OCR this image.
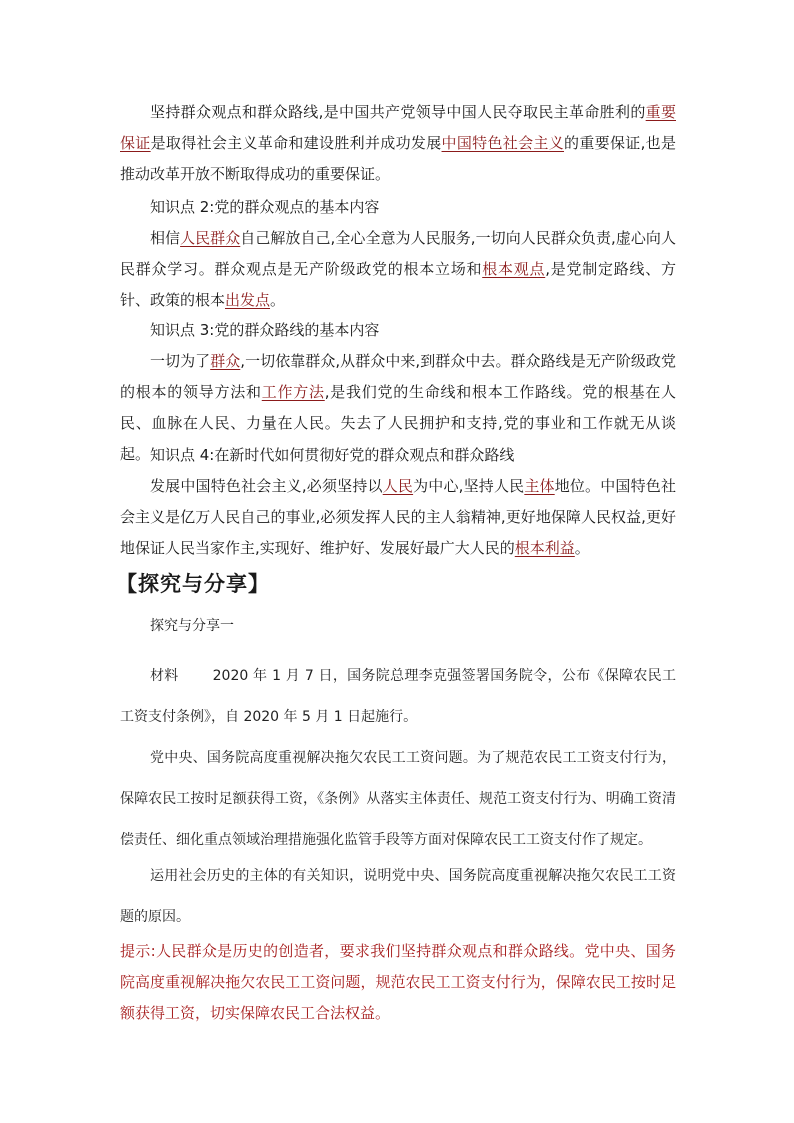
坚持群众观点和群众路线,是中国共产党领导中国人民夺取民主革命胜利的重要保证是取得社会主义革命和建设胜利并成功发展中国特色社会主义的重要保证,也是推动改革开放不断取得成功的重要保证。

知识点 2:党的群众观点的基本内容

相信人民群众自己解放自己,全心全意为人民服务,一切向人民群众负责,虚心向人民群众学习。群众观点是无产阶级政党的根本立场和根本观点,是党制定路线、方针、政策的根本出发点。

知识点 3:党的群众路线的基本内容

一切为了群众,一切依靠群众,从群众中来,到群众中去。群众路线是无产阶级政党的根本的领导方法和工作方法,是我们党的生命线和根本工作路线。党的根基在人民、血脉在人民、力量在人民。失去了人民拥护和支持,党的事业和工作就无从谈起。 知识点 4:在新时代如何贯彻好党的群众观点和群众路线

发展中国特色社会主义,必须坚持以人民为中心,坚持人民主体地位。中国特色社会主义是亿万人民自己的事业,必须发挥人民的主人翁精神,更好地保障人民权益,更好地保证人民当家作主,实现好、维护好、发展好最广大人民的根本利益。

【探究与分享】

探究与分享一

材料 2020 年 1 月 7 日，国务院总理李克强签署国务院令，公布《保障农民工工资支付条例》，自 2020 年 5 月 1 日起施行。

党中央、国务院高度重视解决拖欠农民工工资问题。为了规范农民工工资支付行为，保障农民工按时足额获得工资，《条例》从落实主体责任、规范工资支付行为、明确工资清偿责任、细化重点领域治理措施强化监管手段等方面对保障农民工工资支付作了规定。

运用社会历史的主体的有关知识，说明党中央、国务院高度重视解决拖欠农民工工资题的原因。

提示:人民群众是历史的创造者，要求我们坚持群众观点和群众路线。党中央、国务院高度重视解决拖欠农民工工资问题，规范农民工工资支付行为，保障农民工按时足额获得工资，切实保障农民工合法权益。
